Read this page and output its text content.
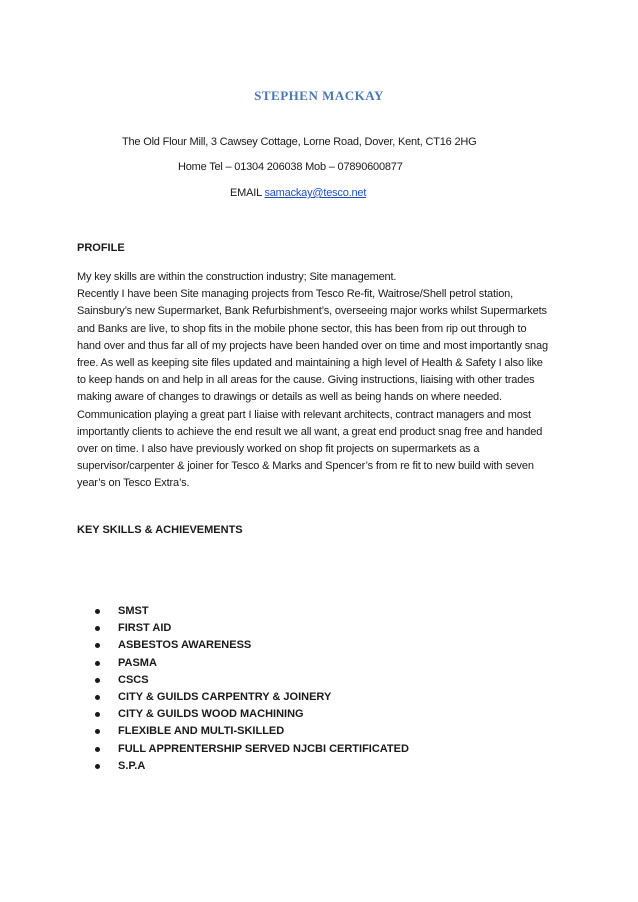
STEPHEN MACKAY
The Old Flour Mill, 3 Cawsey Cottage, Lorne Road, Dover, Kent, CT16 2HG
Home Tel – 01304 206038 Mob – 07890600877
EMAIL samackay@tesco.net
PROFILE

My key skills are within the construction industry; Site management.

Recently I have been Site managing projects from Tesco Re-fit, Waitrose/Shell petrol station,

Sainsbury’s new Supermarket, Bank Refurbishment’s, overseeing major works whilst Supermarkets

and Banks are live, to shop fits in the mobile phone sector, this has been from rip out through to

hand over and thus far all of my projects have been handed over on time and most importantly snag

free. As well as keeping site files updated and maintaining a high level of Health & Safety I also like

to keep hands on and help in all areas for the cause. Giving instructions, liaising with other trades

making aware of changes to drawings or details as well as being hands on where needed.

Communication playing a great part I liaise with relevant architects, contract managers and most

importantly clients to achieve the end result we all want, a great end product snag free and handed

over on time. I also have previously worked on shop fit projects on supermarkets as a

supervisor/carpenter & joiner for Tesco & Marks and Spencer’s from re fit to new build with seven

year’s on Tesco Extra’s.

KEY SKILLS & ACHIEVEMENTS
SMST
FIRST AID
ASBESTOS AWARENESS
PASMA
CSCS
CITY & GUILDS CARPENTRY & JOINERY
CITY & GUILDS WOOD MACHINING
FLEXIBLE AND MULTI-SKILLED
FULL APPRENTERSHIP SERVED NJCBI CERTIFICATED
S.P.A
